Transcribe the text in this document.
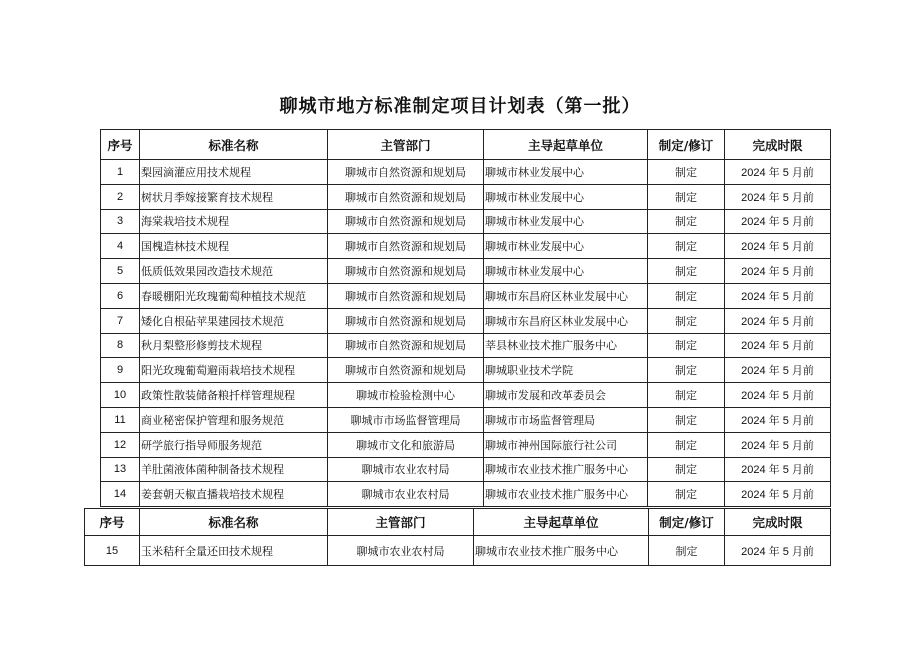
聊城市地方标准制定项目计划表（第一批）
序号	标准名称	主管部门	主导起草单位	制定/修订	完成时限
1	梨园滴灌应用技术规程	聊城市自然资源和规划局	聊城市林业发展中心	制定	2024 年 5 月前
2	树状月季嫁接繁育技术规程	聊城市自然资源和规划局	聊城市林业发展中心	制定	2024 年 5 月前
3	海棠栽培技术规程	聊城市自然资源和规划局	聊城市林业发展中心	制定	2024 年 5 月前
4	国槐造林技术规程	聊城市自然资源和规划局	聊城市林业发展中心	制定	2024 年 5 月前
5	低质低效果园改造技术规范	聊城市自然资源和规划局	聊城市林业发展中心	制定	2024 年 5 月前
6	春暖棚阳光玫瑰葡萄种植技术规范	聊城市自然资源和规划局	聊城市东昌府区林业发展中心	制定	2024 年 5 月前
7	矮化自根砧苹果建园技术规范	聊城市自然资源和规划局	聊城市东昌府区林业发展中心	制定	2024 年 5 月前
8	秋月梨整形修剪技术规程	聊城市自然资源和规划局	莘县林业技术推广服务中心	制定	2024 年 5 月前
9	阳光玫瑰葡萄避雨栽培技术规程	聊城市自然资源和规划局	聊城职业技术学院	制定	2024 年 5 月前
10	政策性散装储备粮扦样管理规程	聊城市检验检测中心	聊城市发展和改革委员会	制定	2024 年 5 月前
11	商业秘密保护管理和服务规范	聊城市市场监督管理局	聊城市市场监督管理局	制定	2024 年 5 月前
12	研学旅行指导师服务规范	聊城市文化和旅游局	聊城市神州国际旅行社公司	制定	2024 年 5 月前
13	羊肚菌液体菌种制备技术规程	聊城市农业农村局	聊城市农业技术推广服务中心	制定	2024 年 5 月前
14	姜套朝天椒直播栽培技术规程	聊城市农业农村局	聊城市农业技术推广服务中心	制定	2024 年 5 月前
序号	标准名称	主管部门	主导起草单位	制定/修订	完成时限
15	玉米秸秆全量还田技术规程	聊城市农业农村局	聊城市农业技术推广服务中心	制定	2024 年 5 月前
